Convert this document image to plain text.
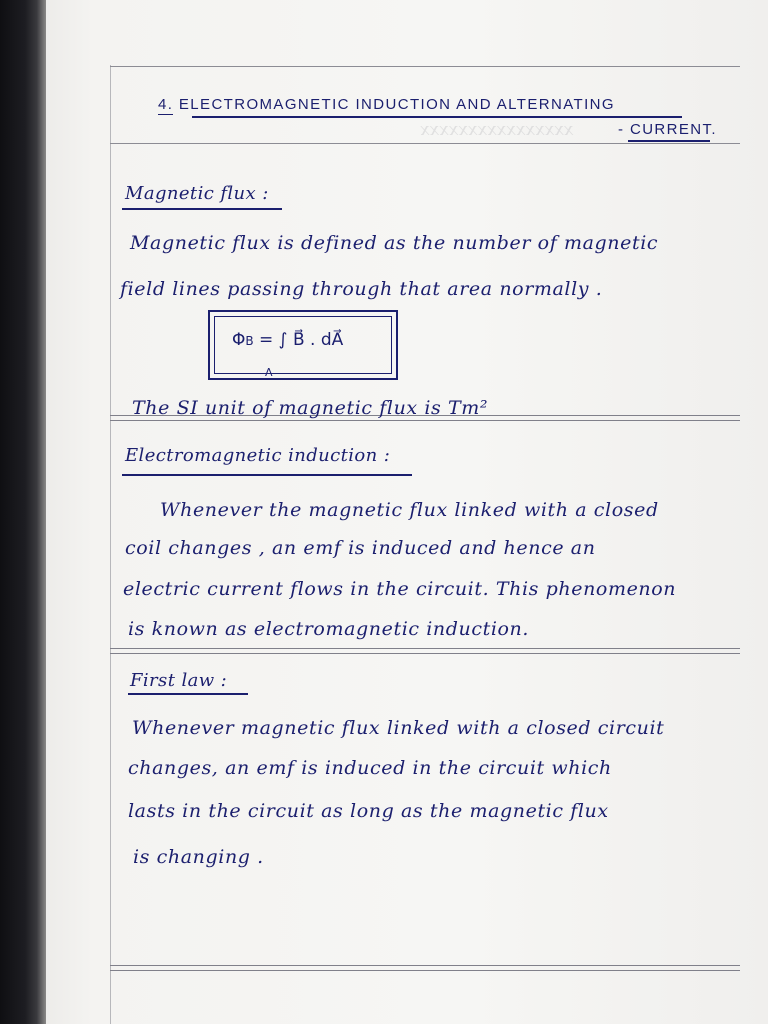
xxxxxxxxxxxxxxxx
4. ELECTROMAGNETIC INDUCTION AND ALTERNATING
- CURRENT.
Magnetic flux :
Magnetic flux is defined as the number of magnetic
field lines passing through that area normally .
ΦB = ∫ B⃗ . dA⃗
A
The SI unit of magnetic flux is Tm²
Electromagnetic induction :
Whenever the magnetic flux linked with a closed
coil changes , an emf is induced and hence an
electric current flows in the circuit. This phenomenon
is known as electromagnetic induction.
First law :
Whenever magnetic flux linked with a closed circuit
changes, an emf is induced in the circuit which
lasts in the circuit as long as the magnetic flux
is changing .
